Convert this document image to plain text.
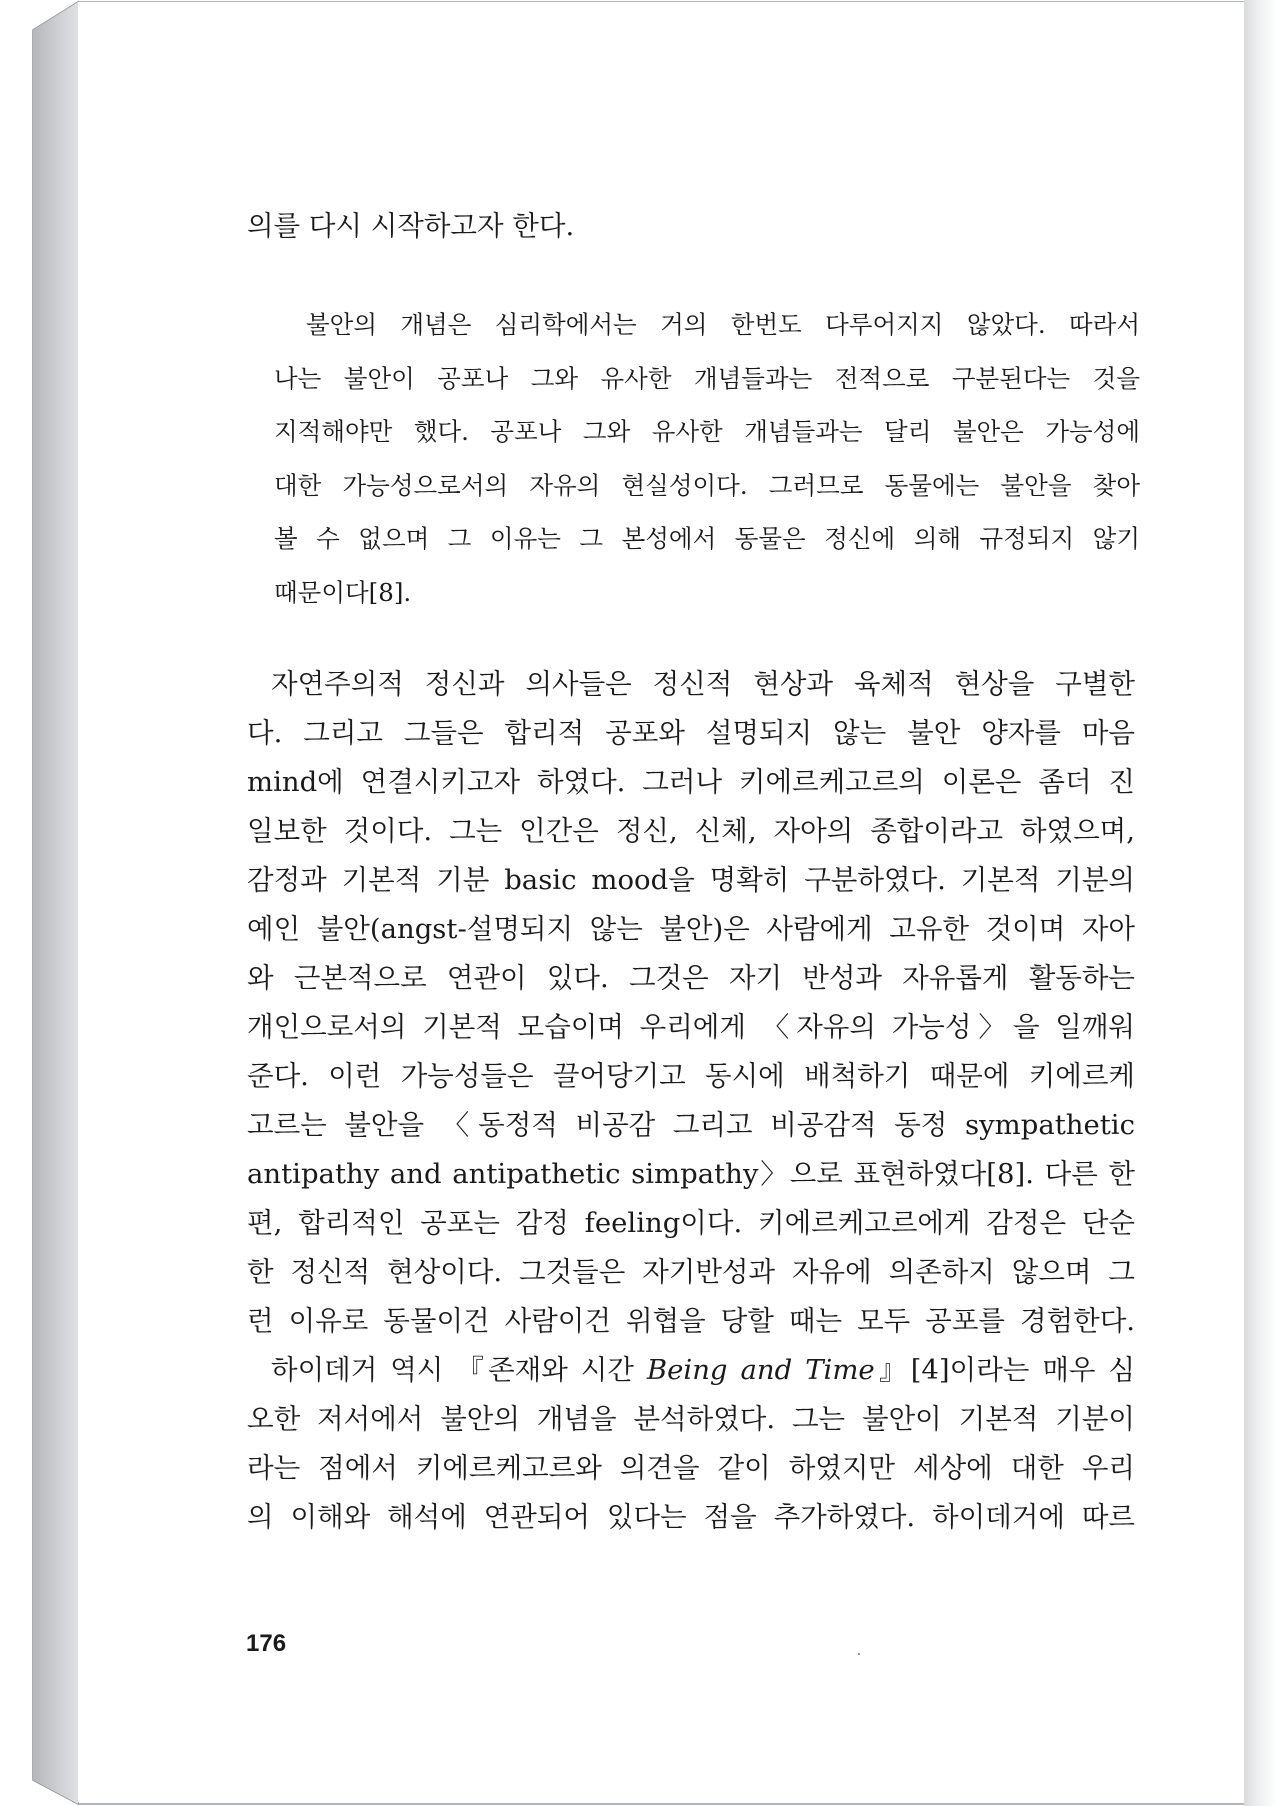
의를 다시 시작하고자 한다.
불안의 개념은 심리학에서는 거의 한번도 다루어지지 않았다. 따라서
나는 불안이 공포나 그와 유사한 개념들과는 전적으로 구분된다는 것을
지적해야만 했다. 공포나 그와 유사한 개념들과는 달리 불안은 가능성에
대한 가능성으로서의 자유의 현실성이다. 그러므로 동물에는 불안을 찾아
볼 수 없으며 그 이유는 그 본성에서 동물은 정신에 의해 규정되지 않기
때문이다[8].
자연주의적 정신과 의사들은 정신적 현상과 육체적 현상을 구별한
다. 그리고 그들은 합리적 공포와 설명되지 않는 불안 양자를 마음
mind에 연결시키고자 하였다. 그러나 키에르케고르의 이론은 좀더 진
일보한 것이다. 그는 인간은 정신, 신체, 자아의 종합이라고 하였으며,
감정과 기본적 기분 basic mood을 명확히 구분하였다. 기본적 기분의
예인 불안(angst-설명되지 않는 불안)은 사람에게 고유한 것이며 자아
와 근본적으로 연관이 있다. 그것은 자기 반성과 자유롭게 활동하는
개인으로서의 기본적 모습이며 우리에게 〈자유의 가능성〉을 일깨워
준다. 이런 가능성들은 끌어당기고 동시에 배척하기 때문에 키에르케
고르는 불안을 〈동정적 비공감 그리고 비공감적 동정 sympathetic
antipathy and antipathetic simpathy〉으로 표현하였다[8]. 다른 한
편, 합리적인 공포는 감정 feeling이다. 키에르케고르에게 감정은 단순
한 정신적 현상이다. 그것들은 자기반성과 자유에 의존하지 않으며 그
런 이유로 동물이건 사람이건 위협을 당할 때는 모두 공포를 경험한다.
하이데거 역시 『존재와 시간 Being and Time』[4]이라는 매우 심
오한 저서에서 불안의 개념을 분석하였다. 그는 불안이 기본적 기분이
라는 점에서 키에르케고르와 의견을 같이 하였지만 세상에 대한 우리
의 이해와 해석에 연관되어 있다는 점을 추가하였다. 하이데거에 따르
176
